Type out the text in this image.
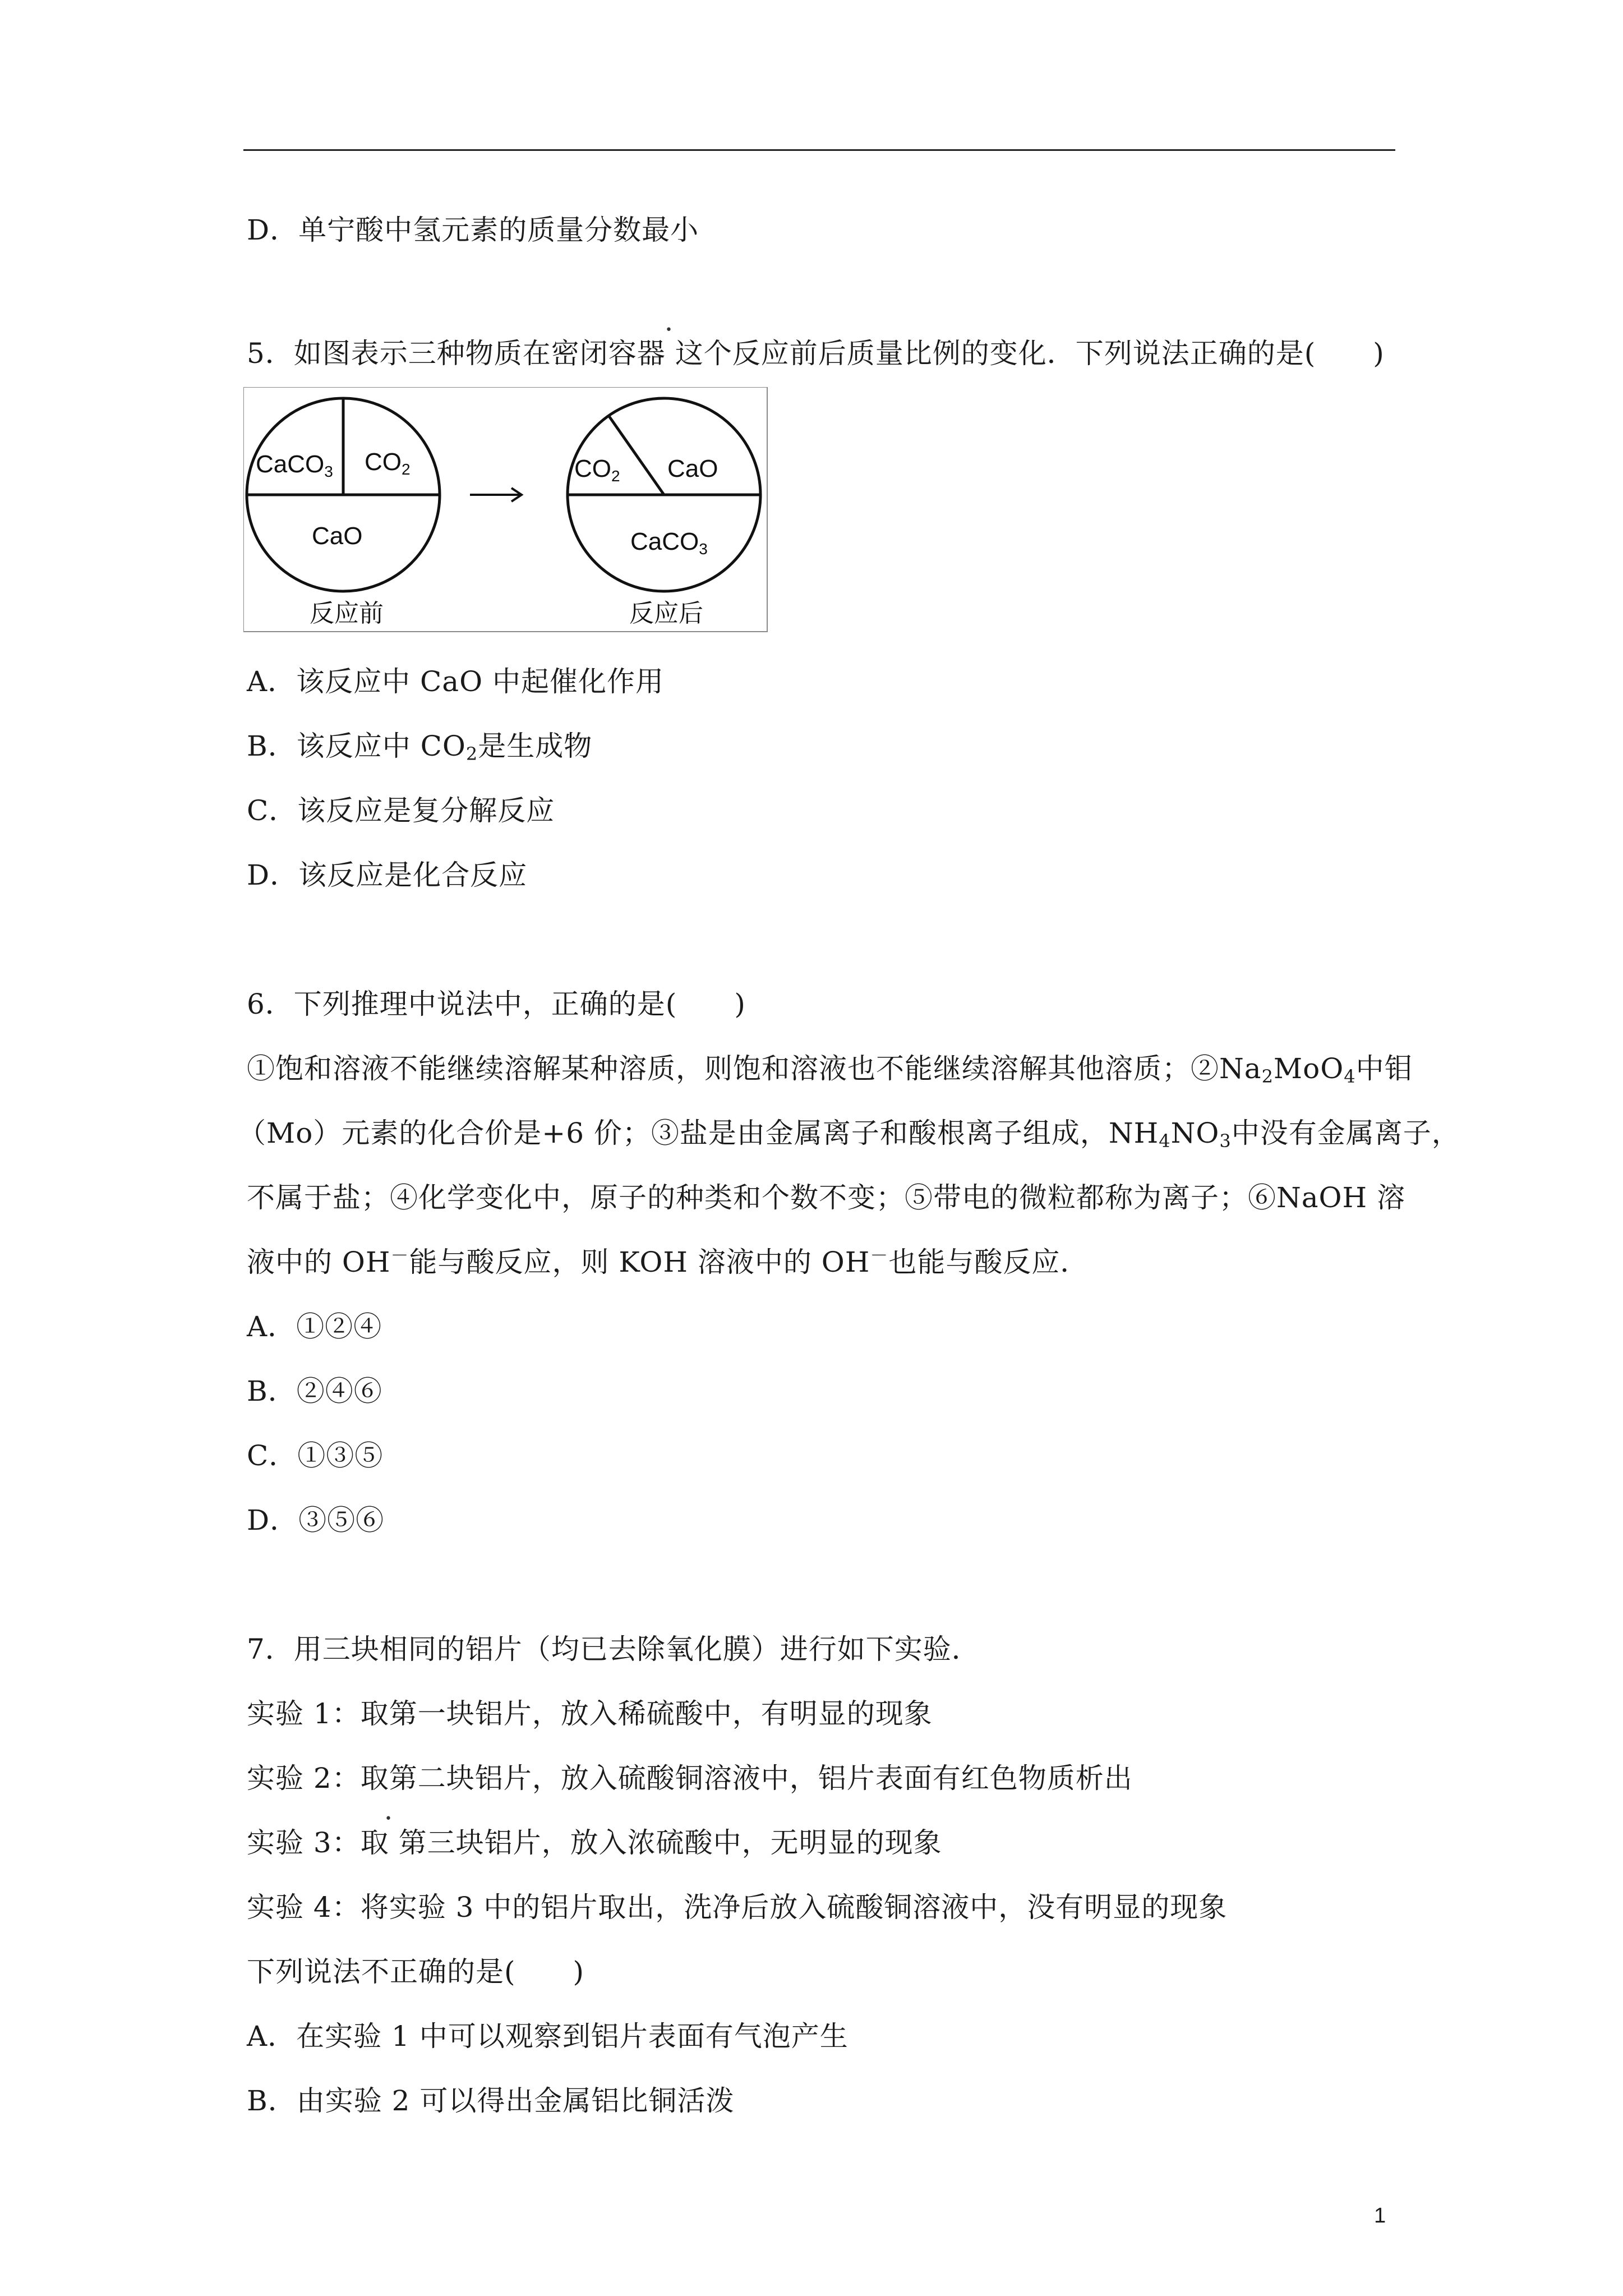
D．单宁酸中氢元素的质量分数最小
5．如图表示三种物质在密闭容器 这个反应前后质量比例的变化．下列说法正确的是(　　)
•
CaCO3 CO2
CaO
反应前
CO2 CaO
CaCO3
反应后
A．该反应中 CaO 中起催化作用
B．该反应中 $CO_2$是生成物
C．该反应是复分解反应
D．该反应是化合反应
6．下列推理中说法中，正确的是(　　)
①饱和溶液不能继续溶解某种溶质，则饱和溶液也不能继续溶解其他溶质；$②Na_2MoO_4$中钼
（Mo）元素的化合价是+6 价；③盐是由金属离子和酸根离子组成，$NH_4NO_3$中没有金属离子，
不属于盐；④化学变化中，原子的种类和个数不变；⑤带电的微粒都称为离子；⑥NaOH 溶
液中的 OH－能与酸反应，则 KOH 溶液中的 OH－也能与酸反应．
A．①②④
B．②④⑥
C．①③⑤
D．③⑤⑥
7．用三块相同的铝片（均已去除氧化膜）进行如下实验．
实验 1：取第一块铝片，放入稀硫酸中，有明显的现象
实验 2：取第二块铝片，放入硫酸铜溶液中，铝片表面有红色物质析出
实验 3：取 第三块铝片，放入浓硫酸中，无明显的现象
•
实验 4：将实验 3 中的铝片取出，洗净后放入硫酸铜溶液中，没有明显的现象
下列说法不正确的是(　　)
A．在实验 1 中可以观察到铝片表面有气泡产生
B．由实验 2 可以得出金属铝比铜活泼
1
